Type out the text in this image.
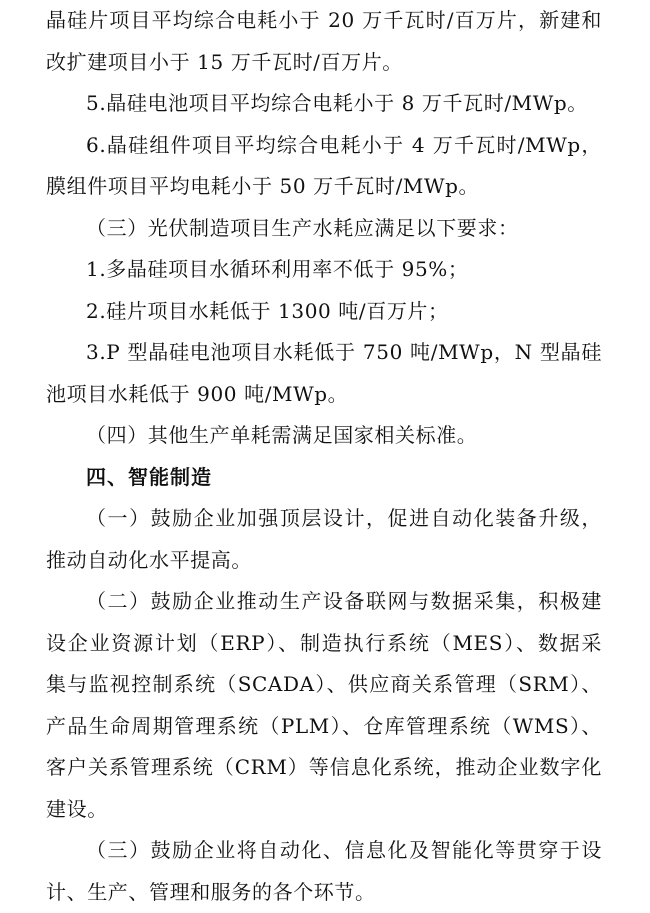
晶硅片项目平均综合电耗小于 20 万千瓦时/百万片，新建和
改扩建项目小于 15 万千瓦时/百万片。
5.晶硅电池项目平均综合电耗小于 8 万千瓦时/MWp。
6.晶硅组件项目平均综合电耗小于 4 万千瓦时/MWp，
膜组件项目平均电耗小于 50 万千瓦时/MWp。
（三）光伏制造项目生产水耗应满足以下要求：
1.多晶硅项目水循环利用率不低于 95%；
2.硅片项目水耗低于 1300 吨/百万片；
3.P 型晶硅电池项目水耗低于 750 吨/MWp，N 型晶硅
池项目水耗低于 900 吨/MWp。
（四）其他生产单耗需满足国家相关标准。
四、智能制造
（一）鼓励企业加强顶层设计，促进自动化装备升级，
推动自动化水平提高。
（二）鼓励企业推动生产设备联网与数据采集，积极建
设企业资源计划（ERP）、制造执行系统（MES）、数据采
集与监视控制系统（SCADA）、供应商关系管理（SRM）、
产品生命周期管理系统（PLM）、仓库管理系统（WMS）、
客户关系管理系统（CRM）等信息化系统，推动企业数字化
建设。
（三）鼓励企业将自动化、信息化及智能化等贯穿于设
计、生产、管理和服务的各个环节。
